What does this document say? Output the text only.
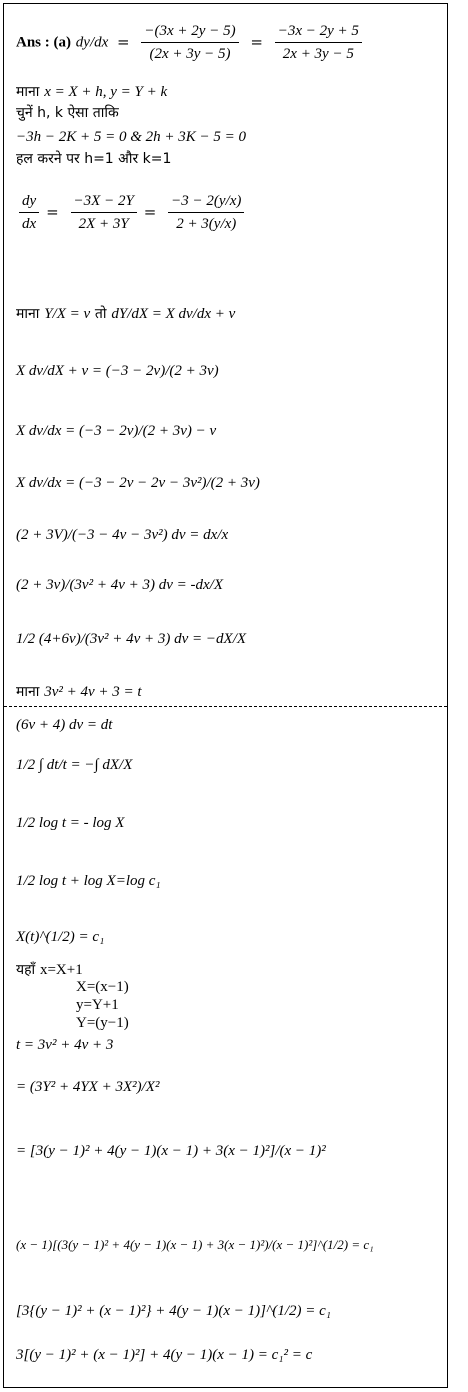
Ans : (a) $dy/dx = \frac{-(3x + 2y - 5)}{(2x + 3y - 5)} = \frac{-3x - 2y + 5}{2x + 3y - 5}$
माना x = X + h, y = Y + k
चुनें h, k ऐसा ताकि
−3h − 2K + 5 = 0 & 2h + 3K − 5 = 0
हल करने पर h=1 और k=1
$\frac{dy}{dx} = \frac{-3X - 2Y}{2X + 3Y} = \frac{-3 - 2(y/x)}{2 + 3(y/x)}$
माना Y/X = v तो dY/dX = X dv/dx + v
X dv/dX + v = (−3 − 2v)/(2 + 3v)
X dv/dx = (−3 − 2v)/(2 + 3v) − v
X dv/dx = (−3 − 2v − 2v − 3v²)/(2 + 3v)
(2 + 3V)/(−3 − 4v − 3v²) dv = dx/x
(2 + 3v)/(3v² + 4v + 3) dv = -dx/X
1/2 (4+6v)/(3v² + 4v + 3) dv = −dX/X
माना 3v² + 4v + 3 = t
(6v + 4) dv = dt
1/2 ∫ dt/t = −∫ dX/X
1/2 log t = - log X
1/2 log t + log X=log c₁
X(t)^(1/2) = c₁
यहाँ x=X+1
X=(x−1)
y=Y+1
Y=(y−1)
t = 3v² + 4v + 3
= (3Y² + 4YX + 3X²)/X²
= [3(y − 1)² + 4(y − 1)(x − 1) + 3(x − 1)²]/(x − 1)²
(x − 1)[(3(y − 1)² + 4(y − 1)(x − 1) + 3(x − 1)²)/(x − 1)²]^(1/2) = c₁
[3{(y − 1)² + (x − 1)²} + 4(y − 1)(x − 1)]^(1/2) = c₁
3[(y − 1)² + (x − 1)²] + 4(y − 1)(x − 1) = c₁² = c
